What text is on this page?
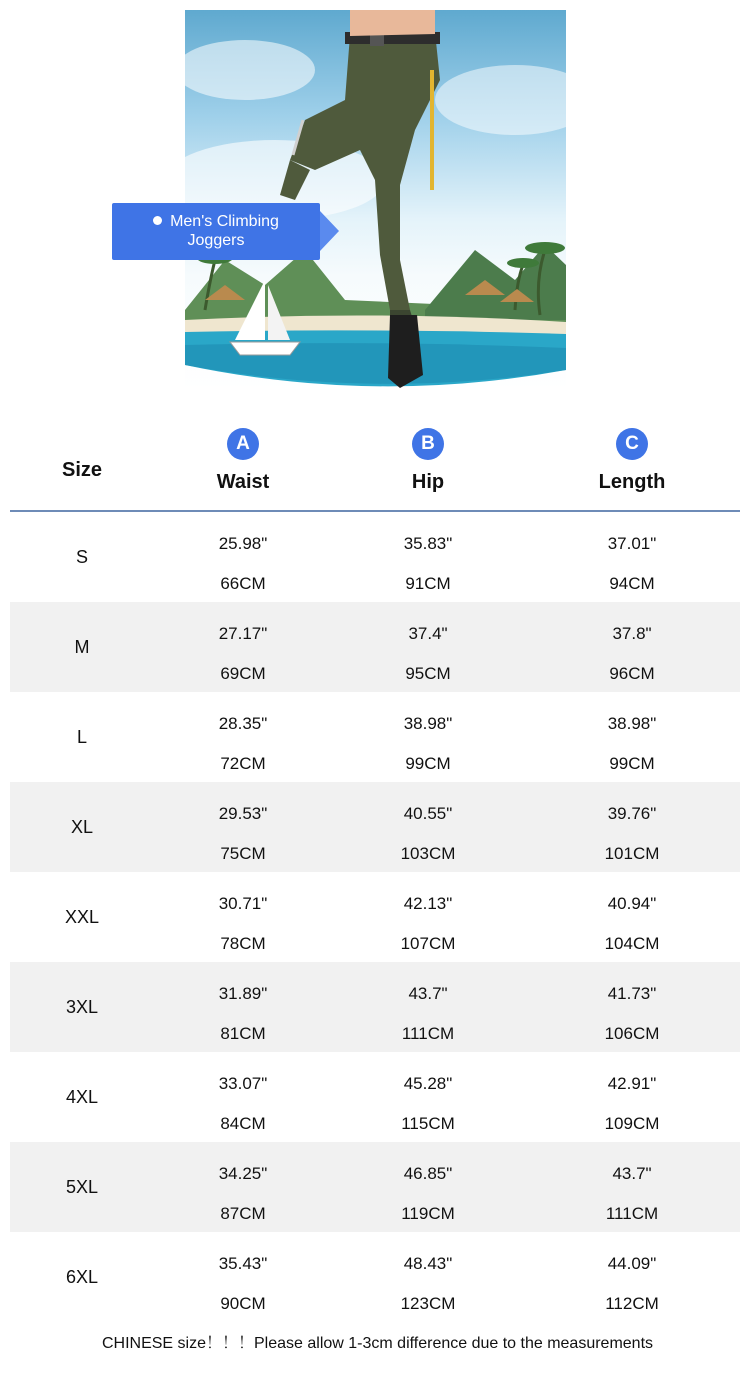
Men's Climbing
Joggers
Size
A
Waist
B
Hip
C
Length
S
25.98"
66CM
35.83"
91CM
37.01"
94CM
M
27.17"
69CM
37.4"
95CM
37.8"
96CM
L
28.35"
72CM
38.98"
99CM
38.98"
99CM
XL
29.53"
75CM
40.55"
103CM
39.76"
101CM
XXL
30.71"
78CM
42.13"
107CM
40.94"
104CM
3XL
31.89"
81CM
43.7"
111CM
41.73"
106CM
4XL
33.07"
84CM
45.28"
115CM
42.91"
109CM
5XL
34.25"
87CM
46.85"
119CM
43.7"
111CM
6XL
35.43"
90CM
48.43"
123CM
44.09"
112CM
CHINESE size！！！Please allow 1-3cm difference due to the measurements
